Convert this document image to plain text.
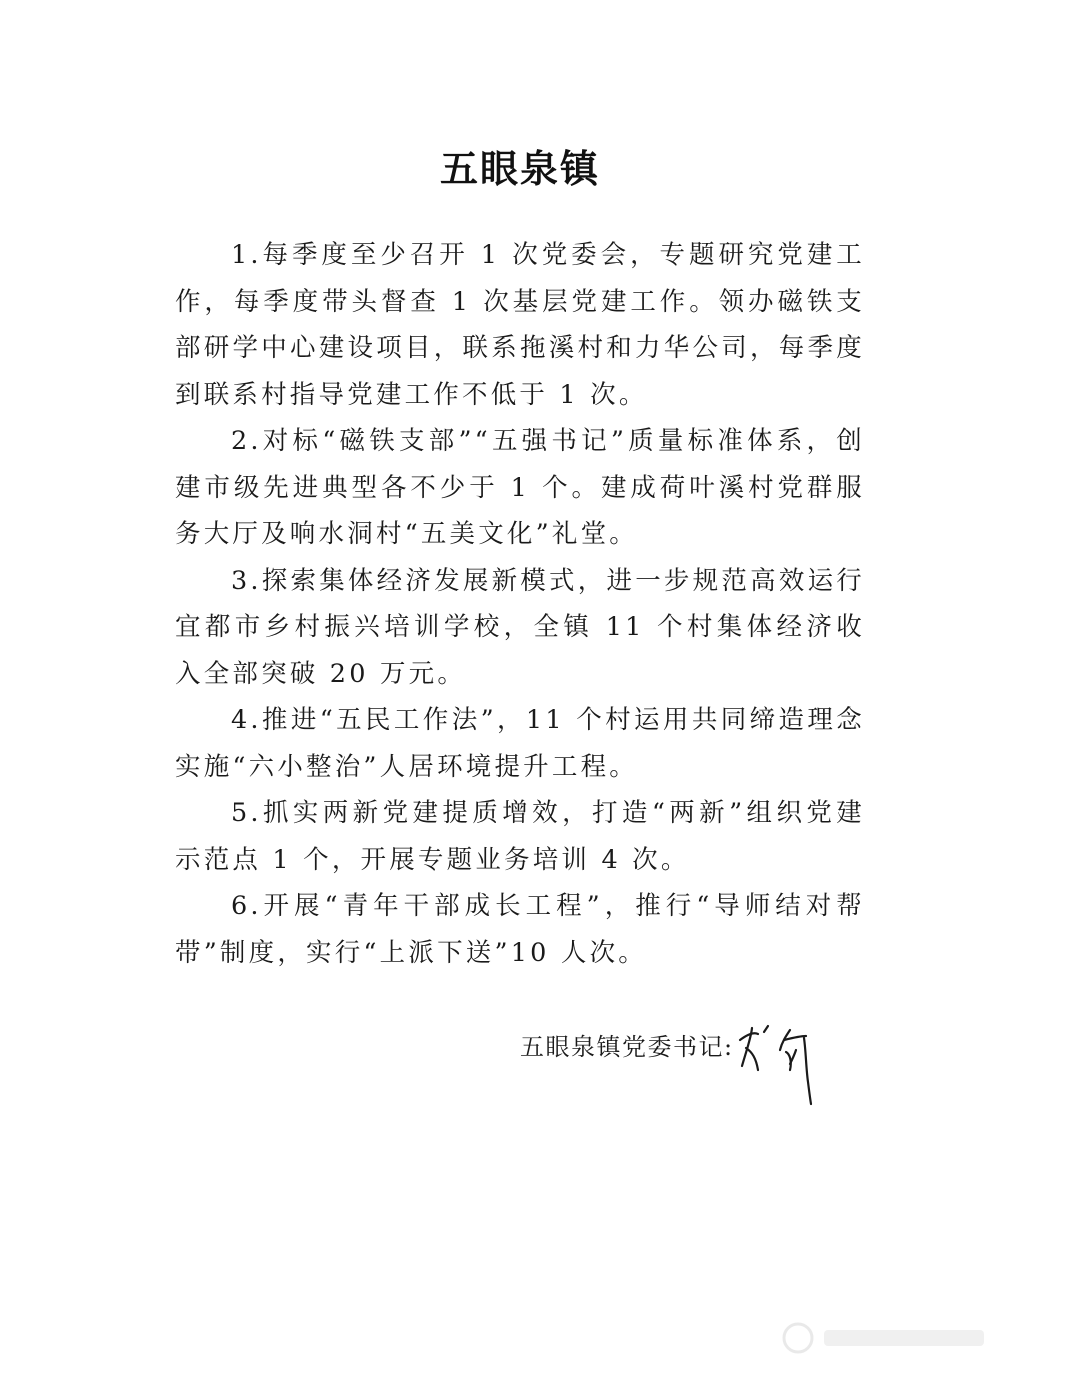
五眼泉镇

1.每季度至少召开 1 次党委会，专题研究党建工作，每季度带头督查 1 次基层党建工作。领办磁铁支部研学中心建设项目，联系拖溪村和力华公司，每季度到联系村指导党建工作不低于 1 次。

2.对标“磁铁支部”“五强书记”质量标准体系，创建市级先进典型各不少于 1 个。建成荷叶溪村党群服务大厅及响水洞村“五美文化”礼堂。

3.探索集体经济发展新模式，进一步规范高效运行宜都市乡村振兴培训学校，全镇 11 个村集体经济收入全部突破 20 万元。

4.推进“五民工作法”，11 个村运用共同缔造理念实施“六小整治”人居环境提升工程。

5.抓实两新党建提质增效，打造“两新”组织党建示范点 1 个，开展专题业务培训 4 次。

6.开展“青年干部成长工程”，推行“导师结对帮带”制度，实行“上派下送”10 人次。

五眼泉镇党委书记:
